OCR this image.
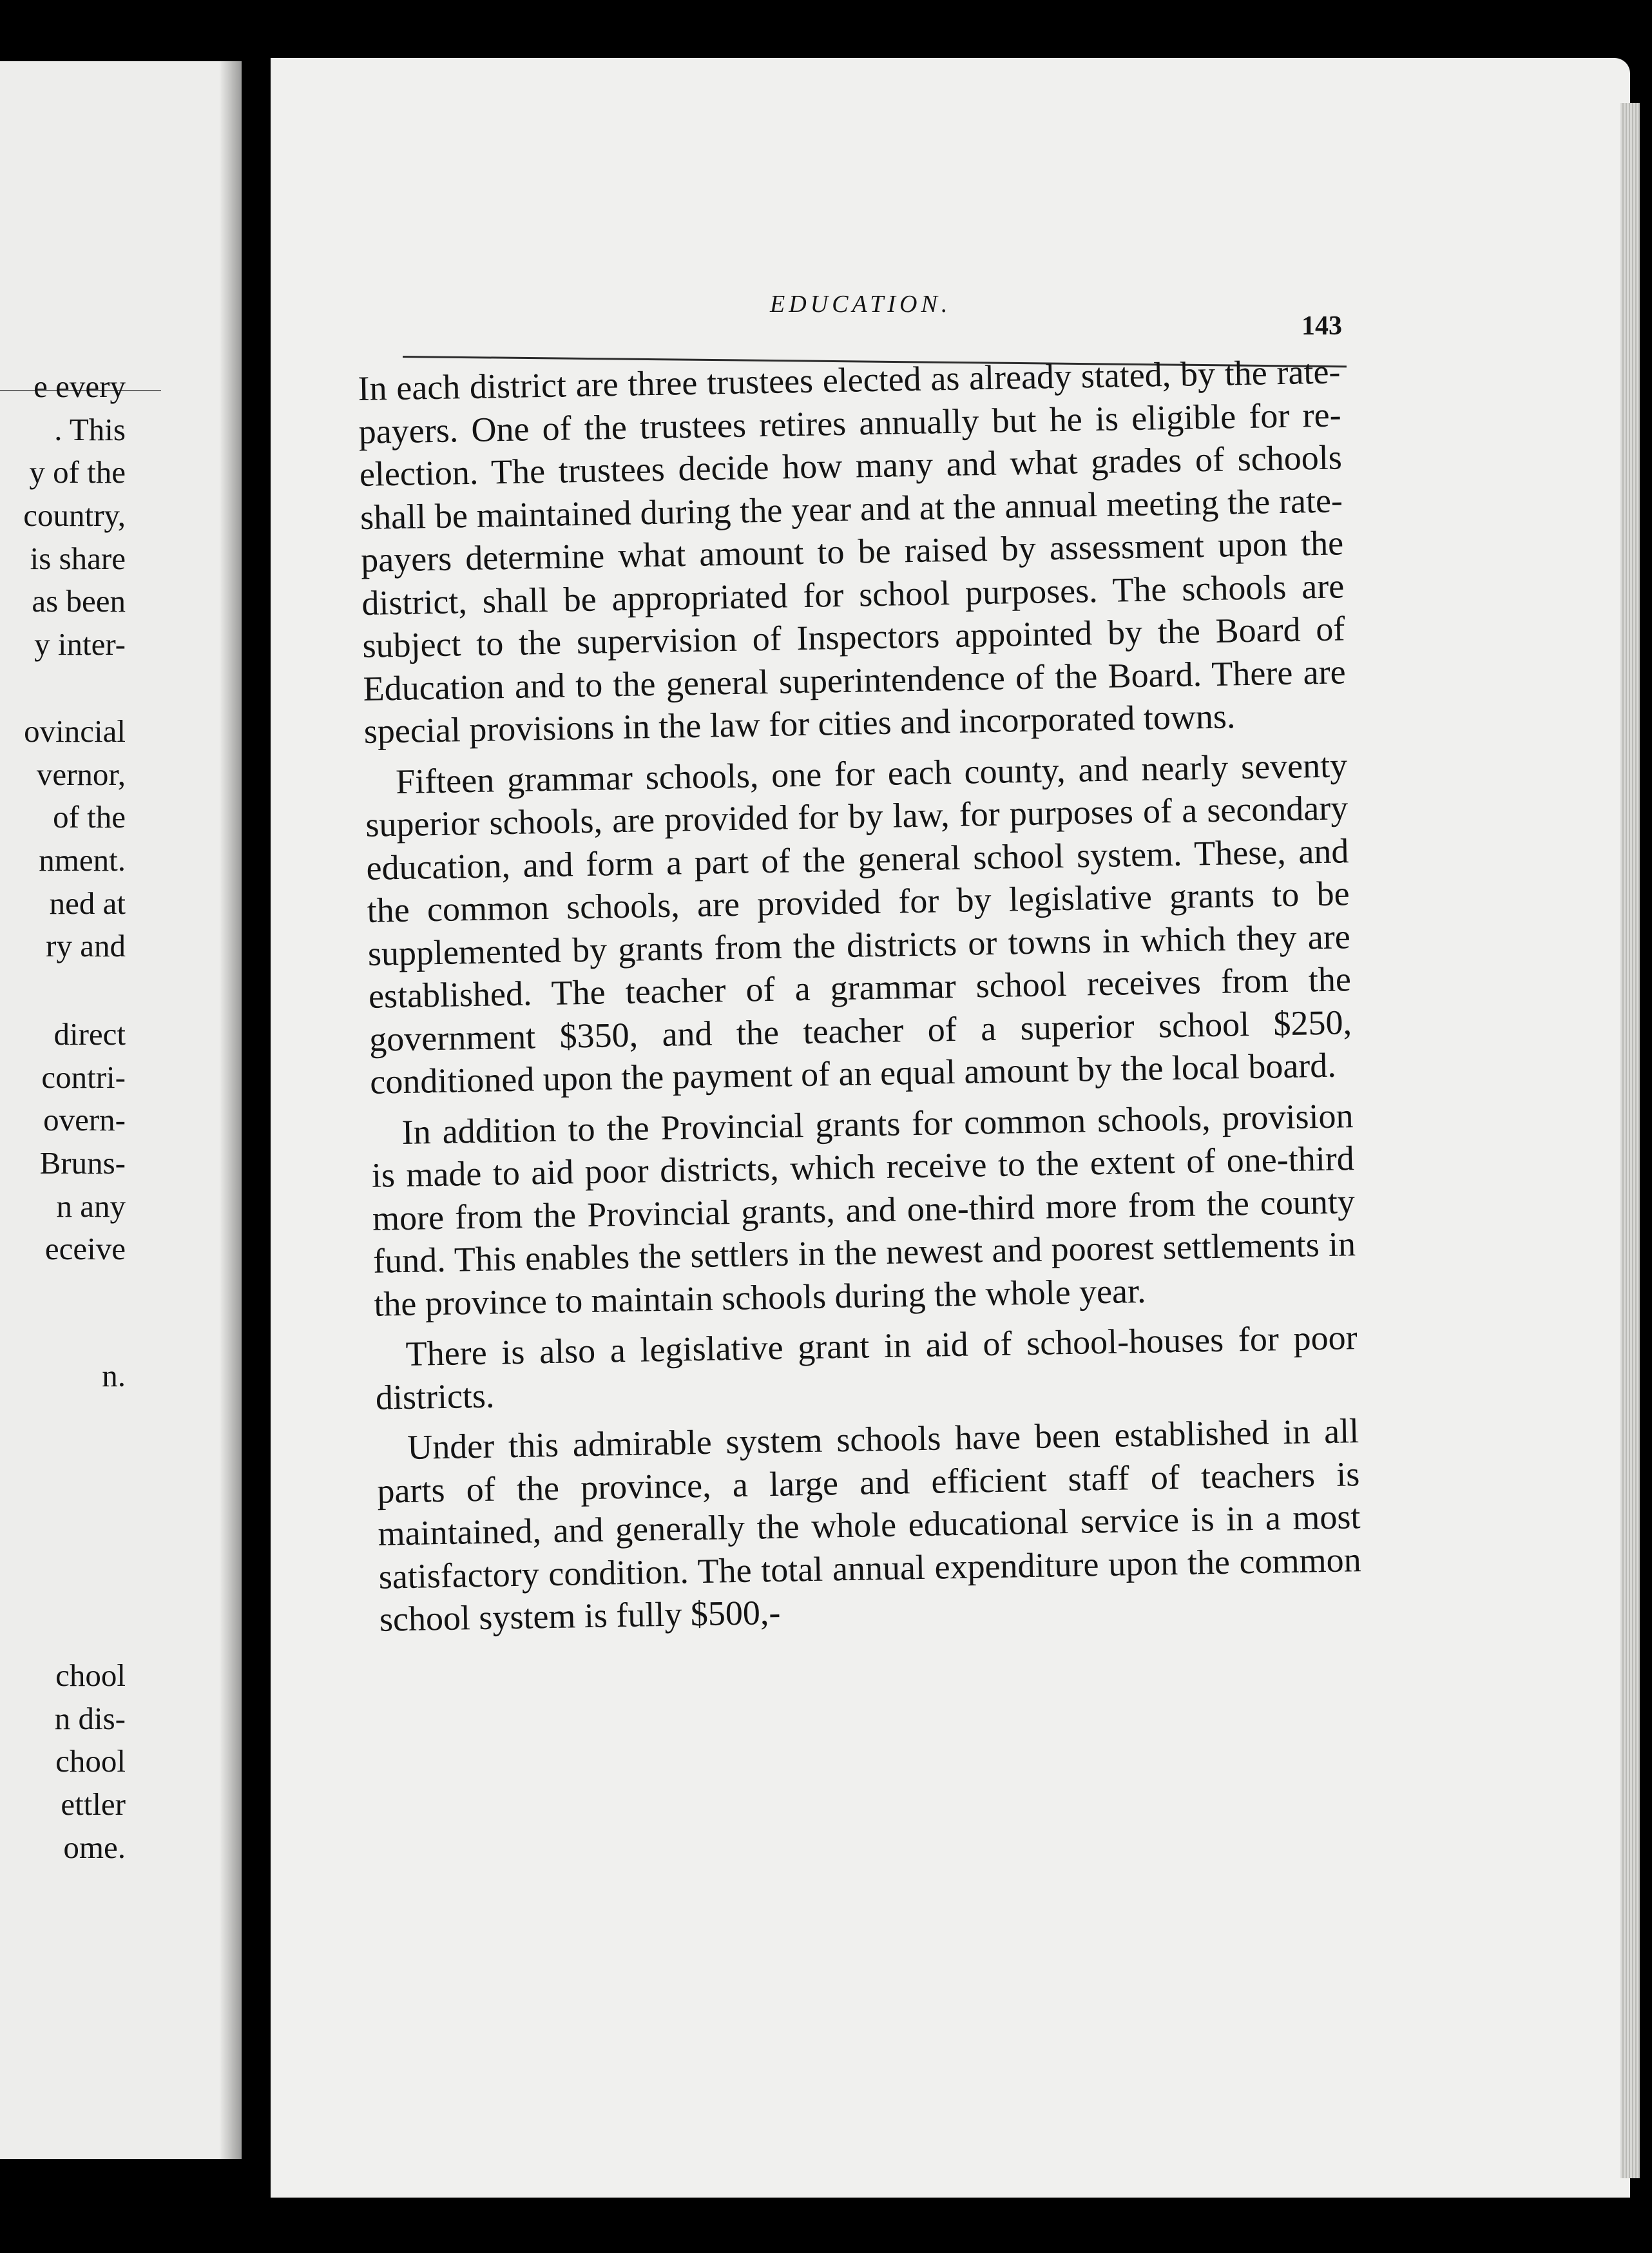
e every

. This

y of the

country,

is share

as been

y inter-

ovincial

vernor,

of the

nment.

ned at

ry and

direct

contri-

overn-

Bruns-

n any

eceive

n.

chool

n dis-

chool

ettler

ome.

EDUCATION.
143

In each district are three trustees elected as already stated, by the rate-payers. One of the trustees retires annually but he is eligible for re-election. The trustees decide how many and what grades of schools shall be maintained during the year and at the annual meeting the rate-payers determine what amount to be raised by assessment upon the district, shall be appropriated for school purposes. The schools are subject to the supervision of Inspectors appointed by the Board of Education and to the general superintendence of the Board. There are special provisions in the law for cities and incorporated towns.

Fifteen grammar schools, one for each county, and nearly seventy superior schools, are provided for by law, for purposes of a secondary education, and form a part of the general school system. These, and the common schools, are provided for by legislative grants to be supplemented by grants from the districts or towns in which they are established. The teacher of a grammar school receives from the government $350, and the teacher of a superior school $250, conditioned upon the payment of an equal amount by the local board.

In addition to the Provincial grants for common schools, provision is made to aid poor districts, which receive to the extent of one-third more from the Provincial grants, and one-third more from the county fund. This enables the settlers in the newest and poorest settlements in the province to maintain schools during the whole year.

There is also a legislative grant in aid of school-houses for poor districts.

Under this admirable system schools have been established in all parts of the province, a large and efficient staff of teachers is maintained, and generally the whole educational service is in a most satisfactory condition. The total annual expenditure upon the common school system is fully $500,-
